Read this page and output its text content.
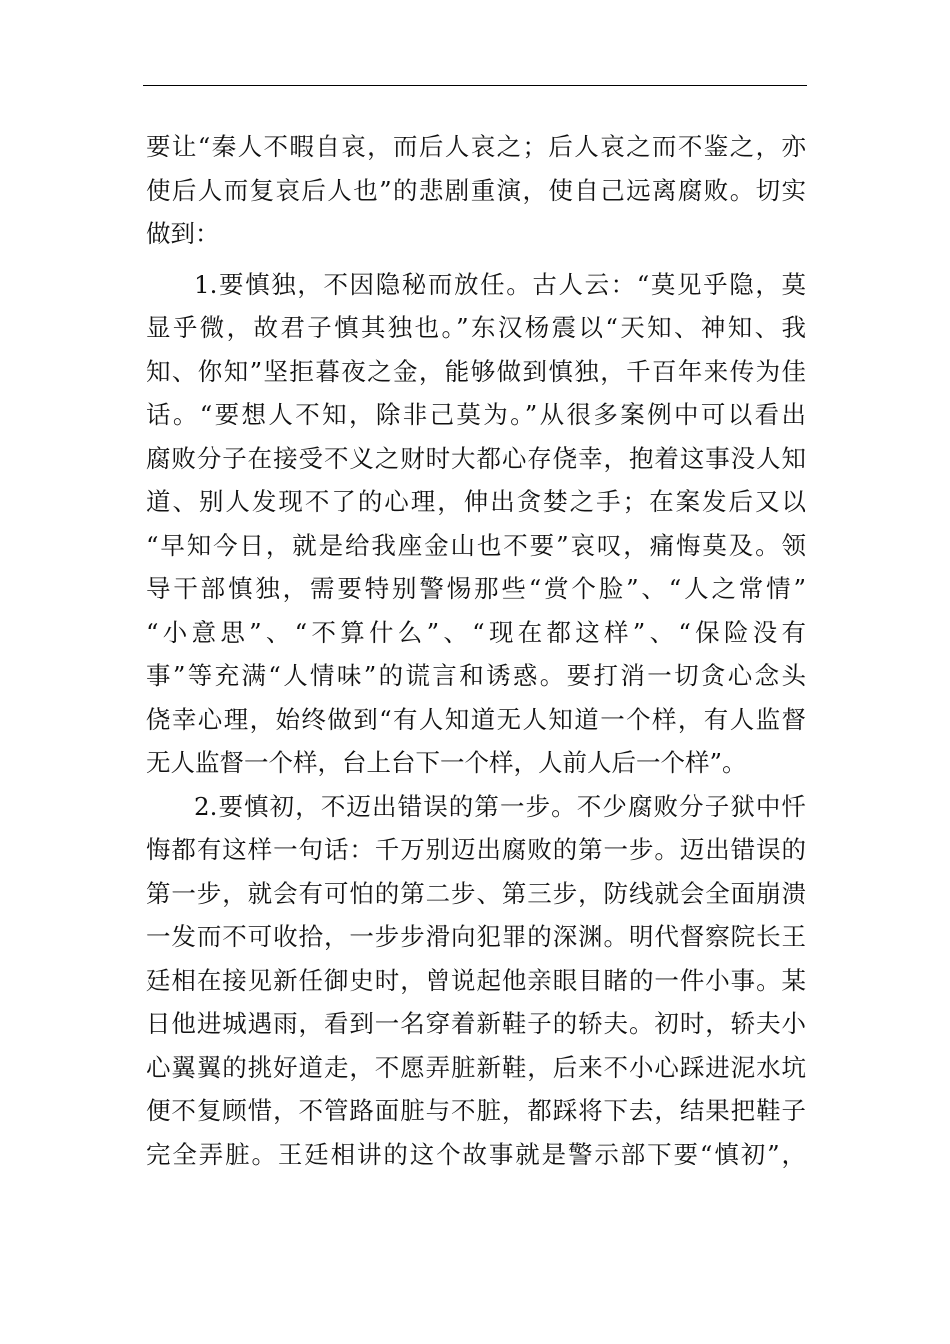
要让“秦人不暇自哀，而后人哀之；后人哀之而不鉴之，亦
使后人而复哀后人也”的悲剧重演，使自己远离腐败。切实
做到：
1.要慎独，不因隐秘而放任。古人云：“莫见乎隐，莫
显乎微，故君子慎其独也。”东汉杨震以“天知、神知、我
知、你知”坚拒暮夜之金，能够做到慎独，千百年来传为佳
话。“要想人不知，除非己莫为。”从很多案例中可以看出
腐败分子在接受不义之财时大都心存侥幸，抱着这事没人知
道、别人发现不了的心理，伸出贪婪之手；在案发后又以
“早知今日，就是给我座金山也不要”哀叹，痛悔莫及。领
导干部慎独，需要特别警惕那些“赏个脸”、“人之常情”
“小意思”、“不算什么”、“现在都这样”、“保险没有
事”等充满“人情味”的谎言和诱惑。要打消一切贪心念头
侥幸心理，始终做到“有人知道无人知道一个样，有人监督
无人监督一个样，台上台下一个样，人前人后一个样”。
2.要慎初，不迈出错误的第一步。不少腐败分子狱中忏
悔都有这样一句话：千万别迈出腐败的第一步。迈出错误的
第一步，就会有可怕的第二步、第三步，防线就会全面崩溃
一发而不可收拾，一步步滑向犯罪的深渊。明代督察院长王
廷相在接见新任御史时，曾说起他亲眼目睹的一件小事。某
日他进城遇雨，看到一名穿着新鞋子的轿夫。初时，轿夫小
心翼翼的挑好道走，不愿弄脏新鞋，后来不小心踩进泥水坑
便不复顾惜，不管路面脏与不脏，都踩将下去，结果把鞋子
完全弄脏。王廷相讲的这个故事就是警示部下要“慎初”，
